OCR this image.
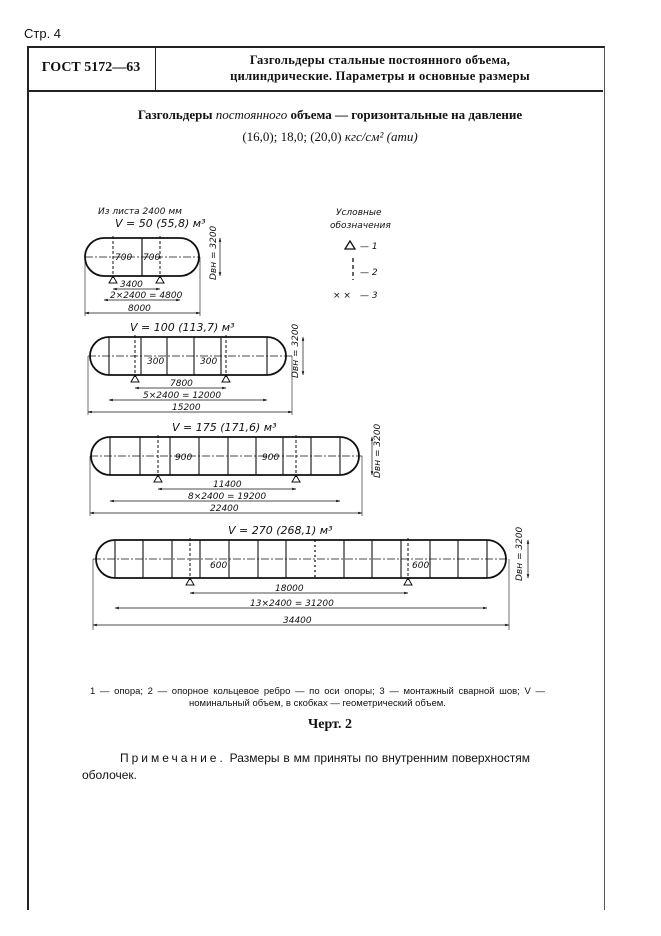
Стр. 4
ГОСТ 5172—63	Газгольдеры стальные постоянного объема,
цилиндрические. Параметры и основные размеры
Газгольдеры постоянного объема — горизонтальные на давление
(16,0); 18,0; (20,0) кгс/см² (ати)
Из листа 2400 мм	Условные
обозначения
— 1
— 2
× × — 3
V = 50 (55,8) м³
700 700
3400
2×2400 = 4800
8000
Dвн = 3200
V = 100 (113,7) м³
300	300
7800
5×2400 = 12000
15200
Dвн = 3200
V = 175 (171,6) м³
900	900
11400
8×2400 = 19200
22400
Dвн = 3200
V = 270 (268,1) м³
600	600
18000
13×2400 = 31200
34400
Dвн = 3200
1 — опора; 2 — опорное кольцевое ребро — по оси опоры; 3 — монтажный сварной шов; V — номинальный объем, в скобках — геометрический объем.
Черт. 2
Примечание. Размеры в мм приняты по внутренним поверхностям оболочек.
